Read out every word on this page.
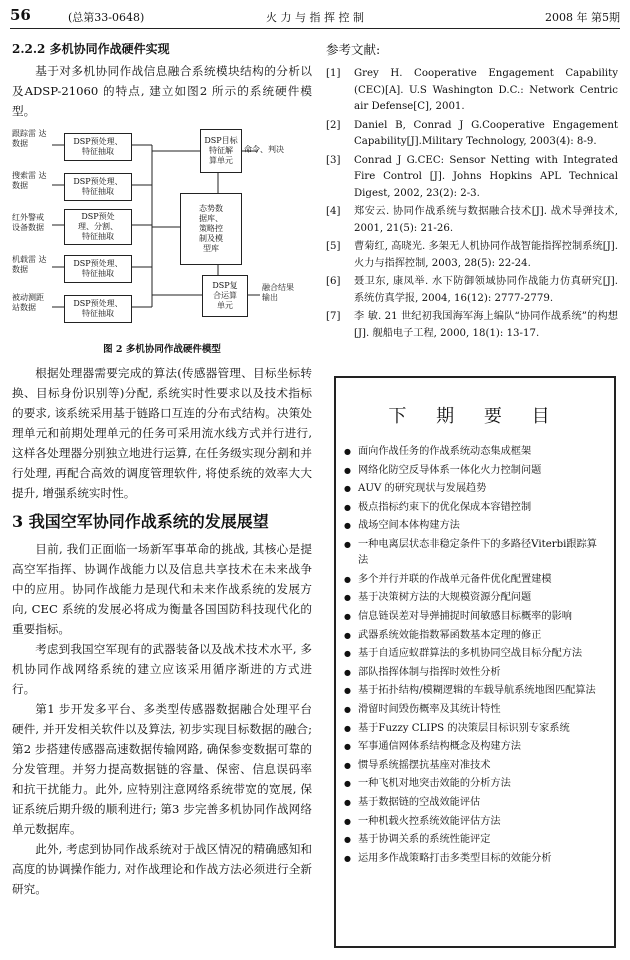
56	(总第33-0648)	火 力 与 指 挥 控 制	2008 年 第5期
2.2.2 多机协同作战硬件实现

基于对多机协同作战信息融合系统模块结构的分析以及ADSP-21060 的特点, 建立如图2 所示的系统硬件模型。

跟踪雷 达数据
搜索雷 达数据
红外警戒 设备数据
机载雷 达数据
被动测距 站数据
DSP预处理、
特征抽取
DSP预处理、
特征抽取
DSP预处
理、分割、
特征抽取
DSP预处理、
特征抽取
DSP预处理、
特征抽取
DSP目标
特征解
算单元
命令、判决
态势数
据库、
策略控
制及模
型库
DSP复
合运算
单元
融合结果
输出
图 2 多机协同作战硬件模型

根据处理器需要完成的算法(传感器管理、目标坐标转换、目标身份识别等)分配, 系统实时性要求以及技术指标的要求, 该系统采用基于链路口互连的分布式结构。决策处理单元和前期处理单元的任务可采用流水线方式并行进行, 这样各处理器分别独立地进行运算, 在任务级实现分割和并行处理, 再配合高效的调度管理软件, 将使系统的效率大大提升, 增强系统实时性。

3 我国空军协同作战系统的发展展望

目前, 我们正面临一场新军事革命的挑战, 其核心是提高空军指挥、协调作战能力以及信息共享技术在未来战争中的应用。协同作战能力是现代和未来作战系统的发展方向, CEC 系统的发展必将成为衡量各国国防科技现代化的重要指标。

考虑到我国空军现有的武器装备以及战术技术水平, 多机协同作战网络系统的建立应该采用循序渐进的方式进行。

第1 步开发多平台、多类型传感器数据融合处理平台硬件, 并开发相关软件以及算法, 初步实现目标数据的融合; 第2 步搭建传感器高速数据传输网路, 确保参变数据可靠的分发管理。并努力提高数据链的容量、保密、信息误码率和抗干扰能力。此外, 应特别注意网络系统带宽的宽展, 保证系统后期升级的顺利进行; 第3 步完善多机协同作战网络单元数据库。

此外, 考虑到协同作战系统对于战区情况的精确感知和高度的协调操作能力, 对作战理论和作战方法必须进行全新研究。

参考文献:
[1]	Grey H. Cooperative Engagement Capability (CEC)[A]. U.S Washington D.C.: Network Centric air Defense[C], 2001.
[2]	Daniel B, Conrad J G.Cooperative Engagement Capability[J].Military Technology, 2003(4): 8-9.
[3]	Conrad J G.CEC: Sensor Netting with Integrated Fire Control [J]. Johns Hopkins APL Technical Digest, 2002, 23(2): 2-3.
[4]	郑安云. 协同作战系统与数据融合技术[J]. 战术导弹技术, 2001, 21(5): 21-26.
[5]	曹菊红, 高晓光. 多架无人机协同作战智能指挥控制系统[J]. 火力与指挥控制, 2003, 28(5): 22-24.
[6]	聂卫东, 康凤举. 水下防御领域协同作战能力仿真研究[J]. 系统仿真学报, 2004, 16(12): 2777-2779.
[7]	李 敏. 21 世纪初我国海军海上编队“协同作战系统”的构想[J]. 舰船电子工程, 2000, 18(1): 13-17.
下 期 要 目
● 面向作战任务的作战系统动态集成框架
● 网络化防空反导体系一体化火力控制问题
● AUV 的研究现状与发展趋势
● 极点指标约束下的优化保成本容错控制
● 战场空间本体构建方法
● 一种电离层状态非稳定条件下的多路径Viterbi跟踪算法
● 多个并行并联的作战单元备件优化配置建模
● 基于决策树方法的大规模资源分配问题
● 信息链误差对导弹捕捉时间敏感目标概率的影响
● 武器系统效能指数幂函数基本定理的修正
● 基于自适应蚁群算法的多机协同空战目标分配方法
● 部队指挥体制与指挥时效性分析
● 基于拓扑结构/模糊逻辑的车载导航系统地图匹配算法
● 滑留时间毁伤概率及其统计特性
● 基于Fuzzy CLIPS 的决策层目标识别专家系统
● 军事通信网体系结构概念及构建方法
● 惯导系统摇摆抗基座对准技术
● 一种飞机对地突击效能的分析方法
● 基于数据链的空战效能评估
● 一种机载火控系统效能评估方法
● 基于协调关系的系统性能评定
● 运用多作战策略打击多类型目标的效能分析
